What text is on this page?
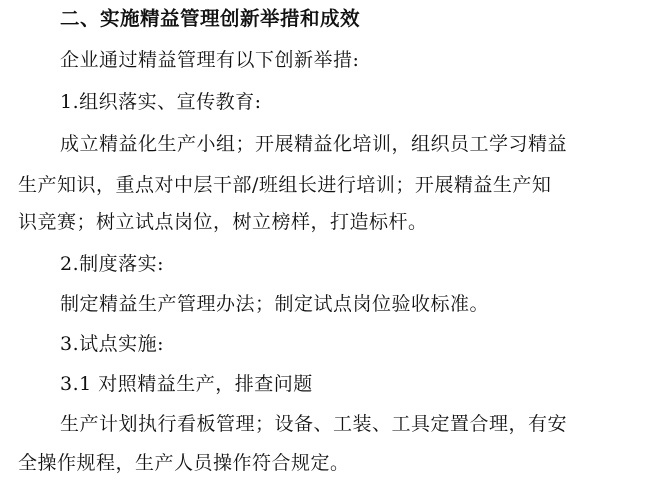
二、实施精益管理创新举措和成效
企业通过精益管理有以下创新举措:
1.组织落实、宣传教育:
成立精益化生产小组；开展精益化培训，组织员工学习精益
生产知识，重点对中层干部/班组长进行培训；开展精益生产知
识竞赛；树立试点岗位，树立榜样，打造标杆。
2.制度落实:
制定精益生产管理办法；制定试点岗位验收标准。
3.试点实施:
3.1 对照精益生产，排查问题
生产计划执行看板管理；设备、工装、工具定置合理，有安
全操作规程，生产人员操作符合规定。
